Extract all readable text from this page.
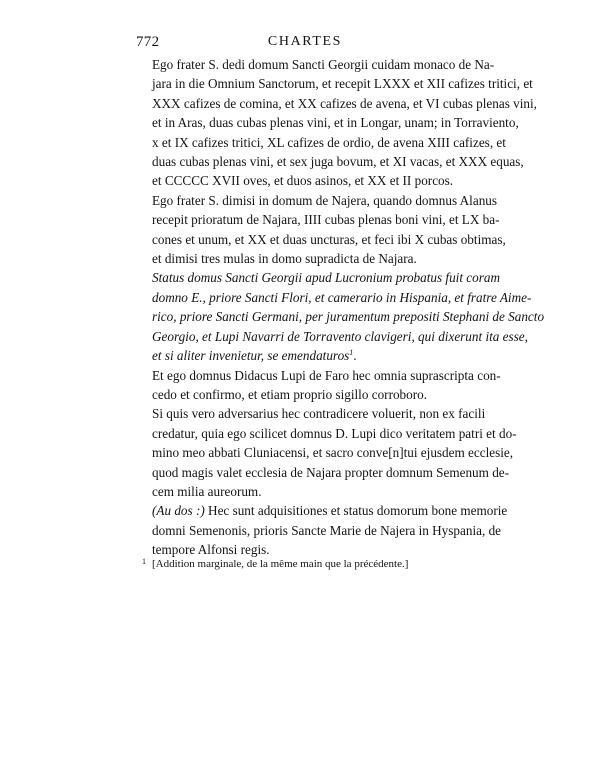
772	CHARTES

Ego frater S. dedi domum Sancti Georgii cuidam monaco de Na-
jara in die Omnium Sanctorum, et recepit LXXX et XII cafizes tritici, et
XXX cafizes de comina, et XX cafizes de avena, et VI cubas plenas vini,
et in Aras, duas cubas plenas vini, et in Longar, unam; in Torraviento,
x et IX cafizes tritici, XL cafizes de ordio, de avena XIII cafizes, et
duas cubas plenas vini, et sex juga bovum, et XI vacas, et XXX equas,
et CCCCC XVII oves, et duos asinos, et XX et II porcos.

Ego frater S. dimisi in domum de Najera, quando domnus Alanus
recepit prioratum de Najara, IIII cubas plenas boni vini, et LX ba-
cones et unum, et XX et duas uncturas, et feci ibi X cubas obtimas,
et dimisi tres mulas in domo supradicta de Najara.

Status domus Sancti Georgii apud Lucronium probatus fuit coram
domno E., priore Sancti Flori, et camerario in Hispania, et fratre Aime-
rico, priore Sancti Germani, per juramentum prepositi Stephani de Sancto
Georgio, et Lupi Navarri de Torravento clavigeri, qui dixerunt ita esse,
et si aliter invenietur, se emendaturos$^1$.

Et ego domnus Didacus Lupi de Faro hec omnia suprascripta con-
cedo et confirmo, et etiam proprio sigillo corroboro.

Si quis vero adversarius hec contradicere voluerit, non ex facili
credatur, quia ego scilicet domnus D. Lupi dico veritatem patri et do-
mino meo abbati Cluniacensi, et sacro conve[n]tui ejusdem ecclesie,
quod magis valet ecclesia de Najara propter domnum Semenum de-
cem milia aureorum.

(Au dos :) Hec sunt adquisitiones et status domorum bone memorie
domni Semenonis, prioris Sancte Marie de Najera in Hyspania, de
tempore Alfonsi regis.

$^1$ [Addition marginale, de la même main que la précédente.]
